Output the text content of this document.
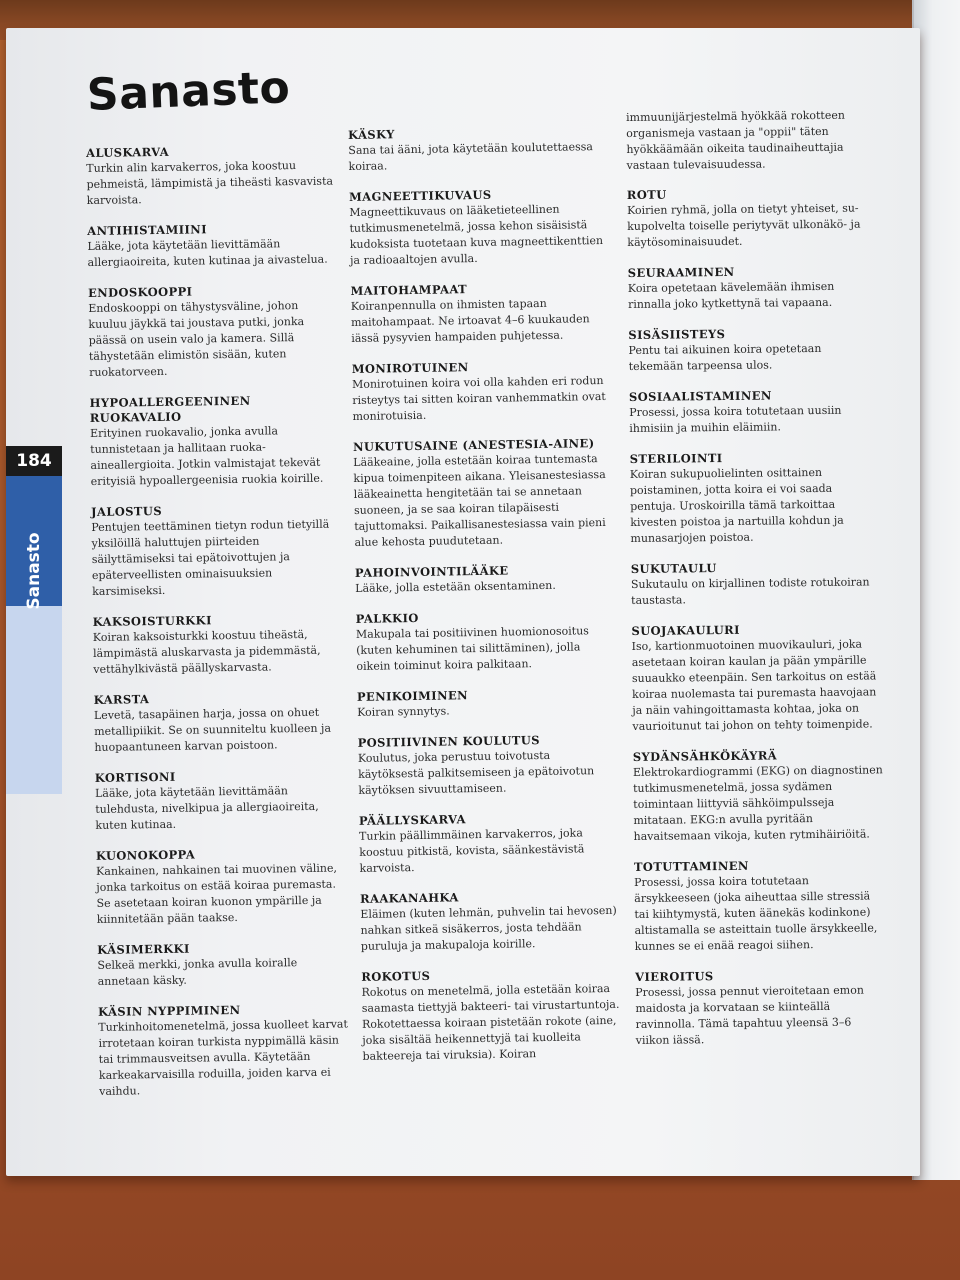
Sanasto
184
Sanasto
ALUSKARVA
Turkin alin karvakerros, joka koostuu pehmeistä, lämpimistä ja tiheästi kasvavista karvoista.
ANTIHISTAMIINI
Lääke, jota käytetään lievittämään allergiaoireita, kuten kutinaa ja aivastelua.
ENDOSKOOPPI
Endoskooppi on tähystysväline, johon kuuluu jäykkä tai joustava putki, jonka päässä on usein valo ja kamera. Sillä tähystetään elimistön sisään, kuten ruokatorveen.
HYPOALLERGEENINEN RUOKAVALIO
Erityinen ruokavalio, jonka avulla tunnistetaan ja hallitaan ruoka-aineallergioita. Jotkin valmistajat tekevät erityisiä hypoallergeenisia ruokia koirille.
JALOSTUS
Pentujen teettäminen tietyn rodun tietyillä yksilöillä haluttujen piirteiden säilyttämiseksi tai epätoivottujen ja epäterveellisten ominaisuuksien karsimiseksi.
KAKSOISTURKKI
Koiran kaksoisturkki koostuu tiheästä, lämpimästä aluskarvasta ja pidemmästä, vettähylkivästä päällyskarvasta.
KARSTA
Levetä, tasapäinen harja, jossa on ohuet metallipiikit. Se on suunniteltu kuolleen ja huopaantuneen karvan poistoon.
KORTISONI
Lääke, jota käytetään lievittämään tulehdusta, nivelkipua ja allergiaoireita, kuten kutinaa.
KUONOKOPPA
Kankainen, nahkainen tai muovinen väline, jonka tarkoitus on estää koiraa puremasta. Se asetetaan koiran kuonon ympärille ja kiinnitetään pään taakse.
KÄSIMERKKI
Selkeä merkki, jonka avulla koiralle annetaan käsky.
KÄSIN NYPPIMINEN
Turkinhoitomenetelmä, jossa kuolleet karvat irrotetaan koiran turkista nyppimällä käsin tai trimmausveitsen avulla. Käytetään karkeakarvaisilla roduilla, joiden karva ei vaihdu.
KÄSKY
Sana tai ääni, jota käytetään koulutettaessa koiraa.
MAGNEETTIKUVAUS
Magneettikuvaus on lääketieteellinen tutkimusmenetelmä, jossa kehon sisäisistä kudoksista tuotetaan kuva magneettikenttien ja radioaaltojen avulla.
MAITOHAMPAAT
Koiranpennulla on ihmisten tapaan maitohampaat. Ne irtoavat 4–6 kuukauden iässä pysyvien hampaiden puhjetessa.
MONIROTUINEN
Monirotuinen koira voi olla kahden eri rodun risteytys tai sitten koiran vanhemmatkin ovat monirotuisia.
NUKUTUSAINE (ANESTESIA-AINE)
Lääkeaine, jolla estetään koiraa tuntemasta kipua toimenpiteen aikana. Yleisanestesiassa lääkeainetta hengitetään tai se annetaan suoneen, ja se saa koiran tilapäisesti tajuttomaksi. Paikallisanestesiassa vain pieni alue kehosta puudutetaan.
PAHOINVOINTILÄÄKE
Lääke, jolla estetään oksentaminen.
PALKKIO
Makupala tai positiivinen huomionosoitus (kuten kehuminen tai silittäminen), jolla oikein toiminut koira palkitaan.
PENIKOIMINEN
Koiran synnytys.
POSITIIVINEN KOULUTUS
Koulutus, joka perustuu toivotusta käytöksestä palkitsemiseen ja epätoivotun käytöksen sivuuttamiseen.
PÄÄLLYSKARVA
Turkin päällimmäinen karvakerros, joka koostuu pitkistä, kovista, säänkestävistä karvoista.
RAAKANAHKA
Eläimen (kuten lehmän, puhvelin tai hevosen) nahkan sitkeä sisäkerros, josta tehdään puruluja ja makupaloja koirille.
ROKOTUS
Rokotus on menetelmä, jolla estetään koiraa saamasta tiettyjä bakteeri- tai virustartuntoja. Rokotettaessa koiraan pistetään rokote (aine, joka sisältää heikennettyjä tai kuolleita bakteereja tai viruksia). Koiran

immuunijärjestelmä hyökkää rokotteen organismeja vastaan ja "oppii" täten hyökkäämään oikeita taudinaiheuttajia vastaan tulevaisuudessa.

ROTU
Koirien ryhmä, jolla on tietyt yhteiset, su-kupolvelta toiselle periytyvät ulkonäkö- ja käytösominaisuudet.
SEURAAMINEN
Koira opetetaan kävelemään ihmisen rinnalla joko kytkettynä tai vapaana.
SISÄSIISTEYS
Pentu tai aikuinen koira opetetaan tekemään tarpeensa ulos.
SOSIAALISTAMINEN
Prosessi, jossa koira totutetaan uusiin ihmisiin ja muihin eläimiin.
STERILOINTI
Koiran sukupuolielinten osittainen poistaminen, jotta koira ei voi saada pentuja. Uroskoirilla tämä tarkoittaa kivesten poistoa ja nartuilla kohdun ja munasarjojen poistoa.
SUKUTAULU
Sukutaulu on kirjallinen todiste rotukoiran taustasta.
SUOJAKAULURI
Iso, kartionmuotoinen muovikauluri, joka asetetaan koiran kaulan ja pään ympärille suuaukko eteenpäin. Sen tarkoitus on estää koiraa nuolemasta tai puremasta haavojaan ja näin vahingoittamasta kohtaa, joka on vaurioitunut tai johon on tehty toimenpide.
SYDÄNSÄHKÖKÄYRÄ
Elektrokardiogrammi (EKG) on diagnostinen tutkimusmenetelmä, jossa sydämen toimintaan liittyviä sähköimpulsseja mitataan. EKG:n avulla pyritään havaitsemaan vikoja, kuten rytmihäiriöitä.
TOTUTTAMINEN
Prosessi, jossa koira totutetaan ärsykkeeseen (joka aiheuttaa sille stressiä tai kiihtymystä, kuten äänekäs kodinkone) altistamalla se asteittain tuolle ärsykkeelle, kunnes se ei enää reagoi siihen.
VIEROITUS
Prosessi, jossa pennut vieroitetaan emon maidosta ja korvataan se kiinteällä ravinnolla. Tämä tapahtuu yleensä 3–6 viikon iässä.
